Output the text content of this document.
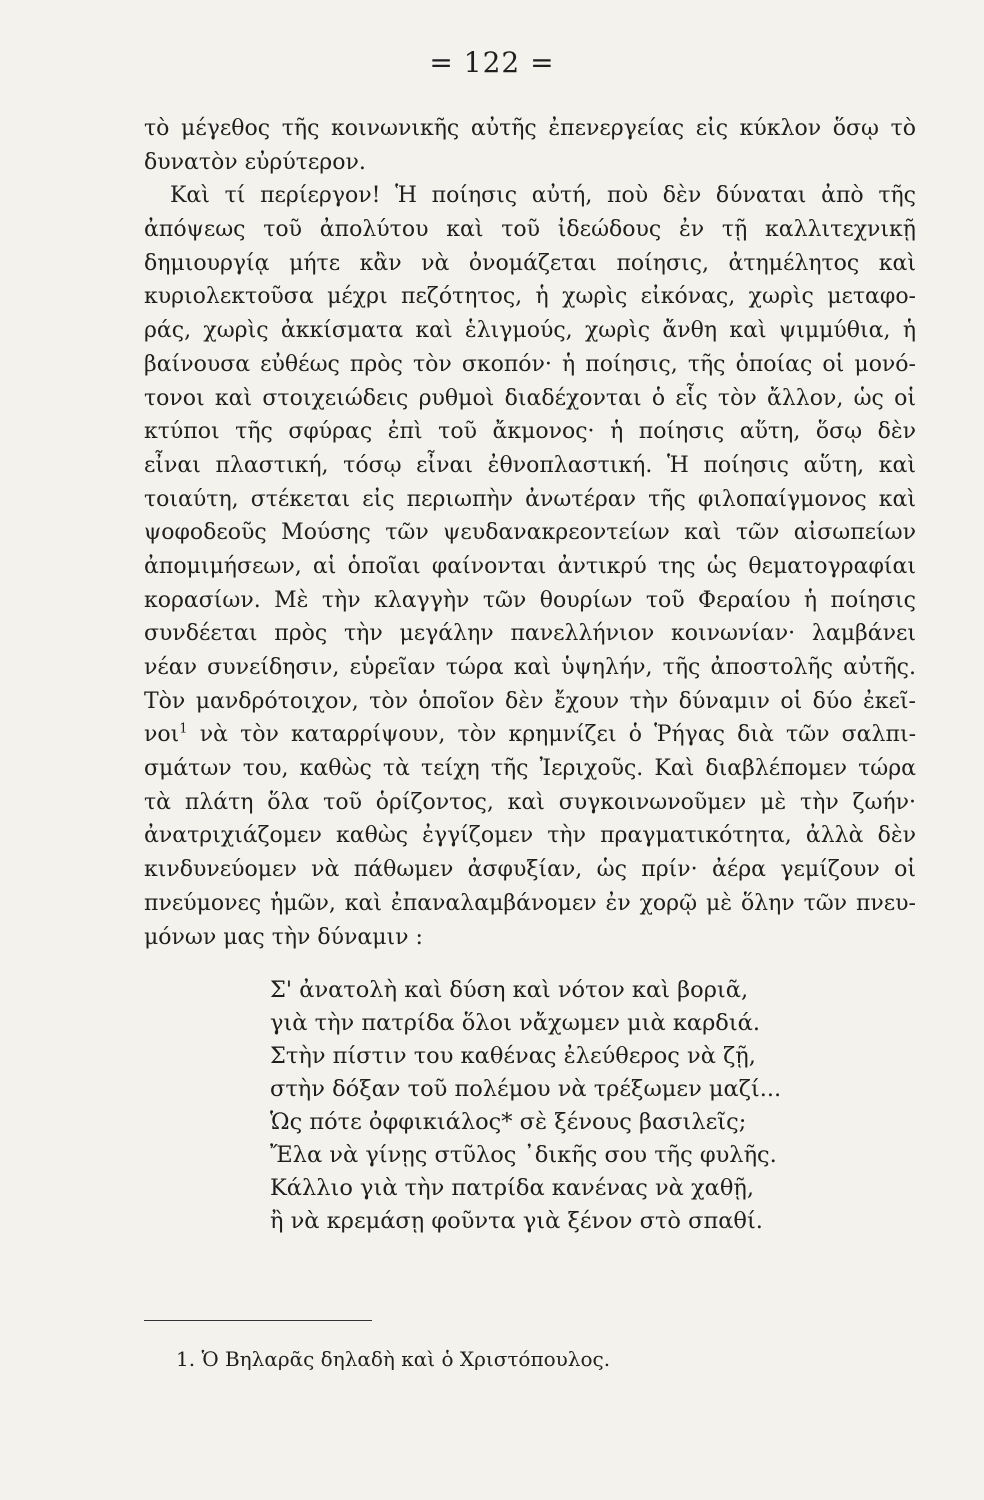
= 122 =
τὸ μέγεθος τῆς κοινωνικῆς αὐτῆς ἐπενεργείας εἰς κύκλον ὅσῳ τὸ
δυνατὸν εὐρύτερον.
Καὶ τί περίεργον! Ἡ ποίησις αὐτή, ποὺ δὲν δύναται ἀπὸ τῆς
ἀπόψεως τοῦ ἀπολύτου καὶ τοῦ ἰδεώδους ἐν τῇ καλλιτεχνικῇ
δημιουργίᾳ μήτε κἂν νὰ ὀνομάζεται ποίησις, ἀτημέλητος καὶ
κυριολεκτοῦσα μέχρι πεζότητος, ἡ χωρὶς εἰκόνας, χωρὶς μεταφο-
ράς, χωρὶς ἀκκίσματα καὶ ἑλιγμούς, χωρὶς ἄνθη καὶ ψιμμύθια, ἡ
βαίνουσα εὐθέως πρὸς τὸν σκοπόν· ἡ ποίησις, τῆς ὁποίας οἱ μονό-
τονοι καὶ στοιχειώδεις ρυθμοὶ διαδέχονται ὁ εἷς τὸν ἄλλον, ὡς οἱ
κτύποι τῆς σφύρας ἐπὶ τοῦ ἄκμονος· ἡ ποίησις αὕτη, ὅσῳ δὲν
εἶναι πλαστική, τόσῳ εἶναι ἐθνοπλαστική. Ἡ ποίησις αὕτη, καὶ
τοιαύτη, στέκεται εἰς περιωπὴν ἀνωτέραν τῆς φιλοπαίγμονος καὶ
ψοφοδεοῦς Μούσης τῶν ψευδανακρεοντείων καὶ τῶν αἰσωπείων
ἀπομιμήσεων, αἱ ὁποῖαι φαίνονται ἀντικρύ της ὡς θεματογραφίαι
κορασίων. Μὲ τὴν κλαγγὴν τῶν θουρίων τοῦ Φεραίου ἡ ποίησις
συνδέεται πρὸς τὴν μεγάλην πανελλήνιον κοινωνίαν· λαμβάνει
νέαν συνείδησιν, εὑρεῖαν τώρα καὶ ὑψηλήν, τῆς ἀποστολῆς αὐτῆς.
Τὸν μανδρότοιχον, τὸν ὁποῖον δὲν ἔχουν τὴν δύναμιν οἱ δύο ἐκεῖ-
νοι$^1$ νὰ τὸν καταρρίψουν, τὸν κρημνίζει ὁ Ῥήγας διὰ τῶν σαλπι-
σμάτων του, καθὼς τὰ τείχη τῆς Ἰεριχοῦς. Καὶ διαβλέπομεν τώρα
τὰ πλάτη ὅλα τοῦ ὁρίζοντος, καὶ συγκοινωνοῦμεν μὲ τὴν ζωήν·
ἀνατριχιάζομεν καθὼς ἐγγίζομεν τὴν πραγματικότητα, ἀλλὰ δὲν
κινδυνεύομεν νὰ πάθωμεν ἀσφυξίαν, ὡς πρίν· ἀέρα γεμίζουν οἱ
πνεύμονες ἡμῶν, καὶ ἐπαναλαμβάνομεν ἐν χορῷ μὲ ὅλην τῶν πνευ-
μόνων μας τὴν δύναμιν :
Σ' ἀνατολὴ καὶ δύση καὶ νότον καὶ βοριᾶ,
γιὰ τὴν πατρίδα ὅλοι νἄχωμεν μιὰ καρδιά.
Στὴν πίστιν του καθένας ἐλεύθερος νὰ ζῇ,
στὴν δόξαν τοῦ πολέμου νὰ τρέξωμεν μαζί...
Ὡς πότε ὀφφικιάλος* σὲ ξένους βασιλεῖς;
Ἔλα νὰ γίνῃς στῦλος ᾽δικῆς σου τῆς φυλῆς.
Κάλλιο γιὰ τὴν πατρίδα κανένας νὰ χαθῇ,
ἢ νὰ κρεμάσῃ φοῦντα γιὰ ξένον στὸ σπαθί.
1. Ὁ Βηλαρᾶς δηλαδὴ καὶ ὁ Χριστόπουλος.
